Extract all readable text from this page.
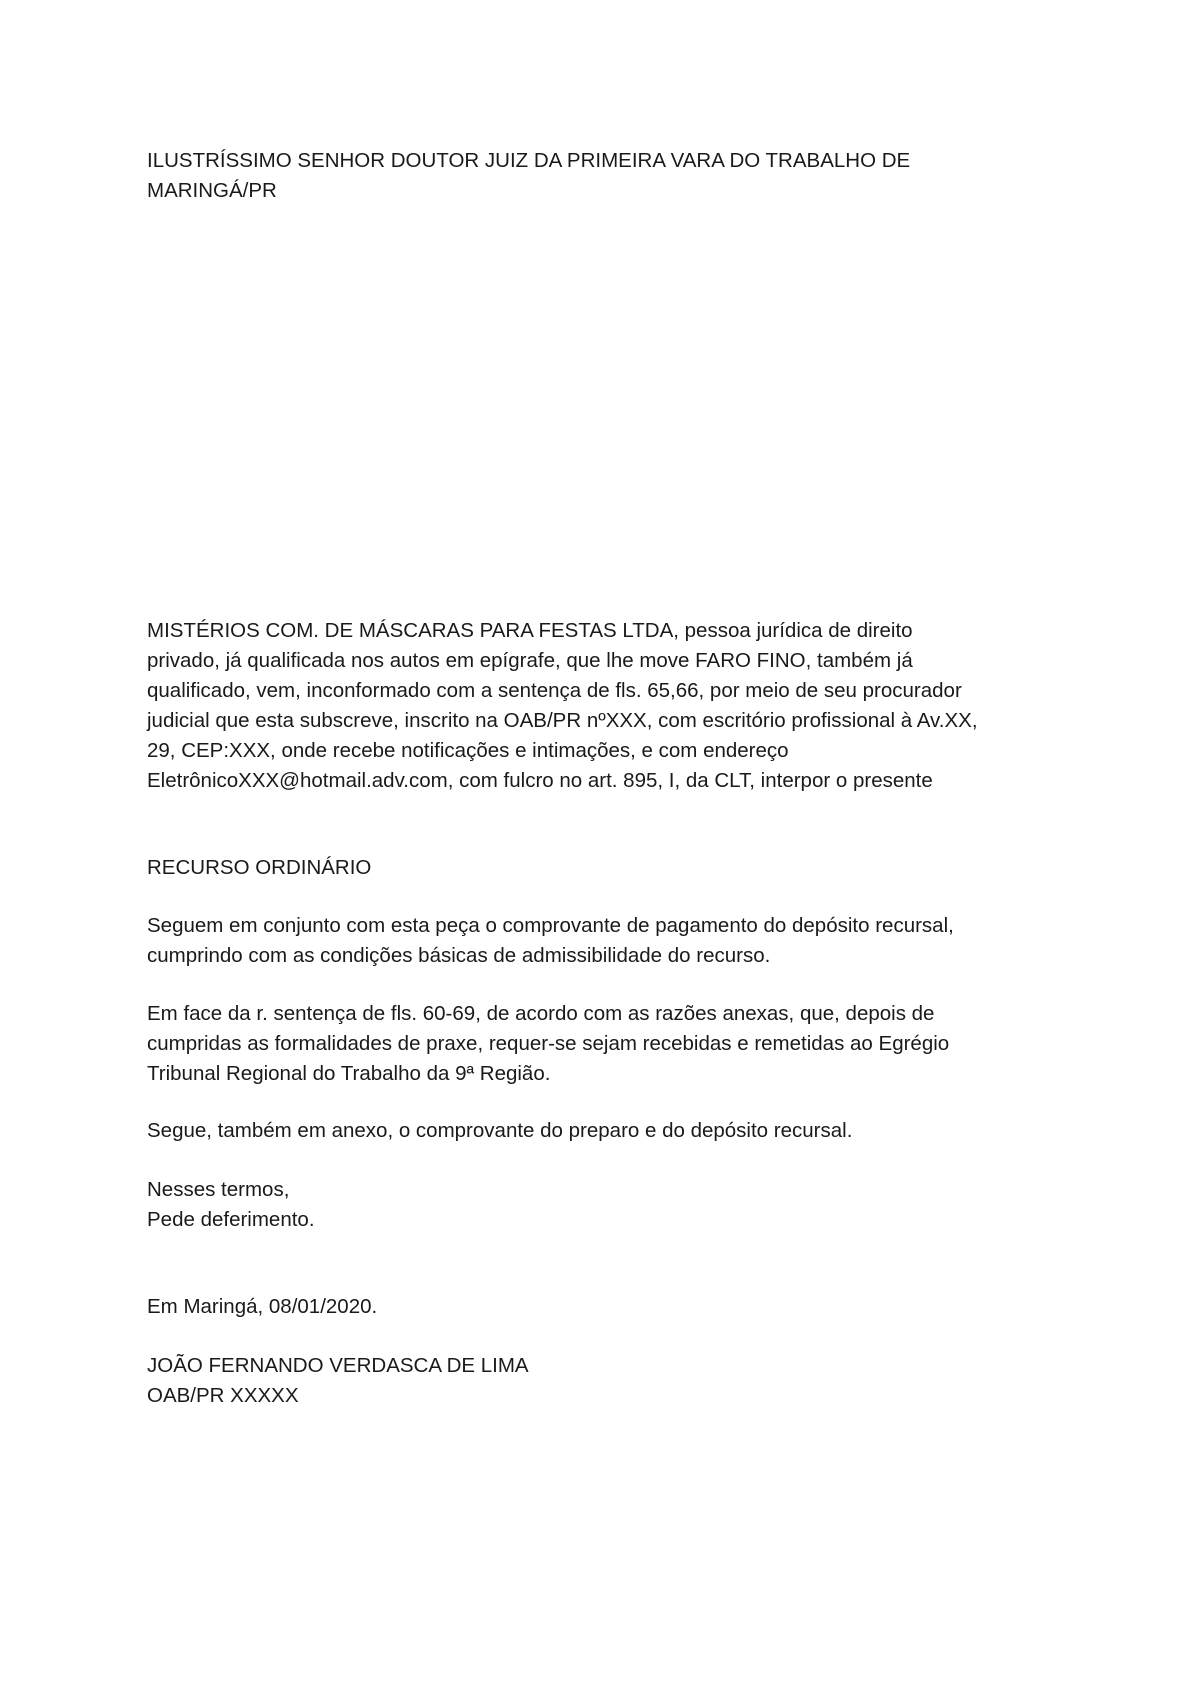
ILUSTRÍSSIMO SENHOR DOUTOR JUIZ DA PRIMEIRA VARA DO TRABALHO DE
MARINGÁ/PR
MISTÉRIOS COM. DE MÁSCARAS PARA FESTAS LTDA, pessoa jurídica de direito
privado, já qualificada nos autos em epígrafe, que lhe move FARO FINO, também já
qualificado, vem, inconformado com a sentença de fls. 65,66, por meio de seu procurador
judicial que esta subscreve, inscrito na OAB/PR nºXXX, com escritório profissional à Av.XX,
29, CEP:XXX, onde recebe notificações e intimações, e com endereço
EletrônicoXXX@hotmail.adv.com, com fulcro no art. 895, I, da CLT, interpor o presente
RECURSO ORDINÁRIO
Seguem em conjunto com esta peça o comprovante de pagamento do depósito recursal,
cumprindo com as condições básicas de admissibilidade do recurso.
Em face da r. sentença de fls. 60-69, de acordo com as razões anexas, que, depois de
cumpridas as formalidades de praxe, requer-se sejam recebidas e remetidas ao Egrégio
Tribunal Regional do Trabalho da 9ª Região.
Segue, também em anexo, o comprovante do preparo e do depósito recursal.
Nesses termos,
Pede deferimento.
Em Maringá, 08/01/2020.
JOÃO FERNANDO VERDASCA DE LIMA
OAB/PR XXXXX
